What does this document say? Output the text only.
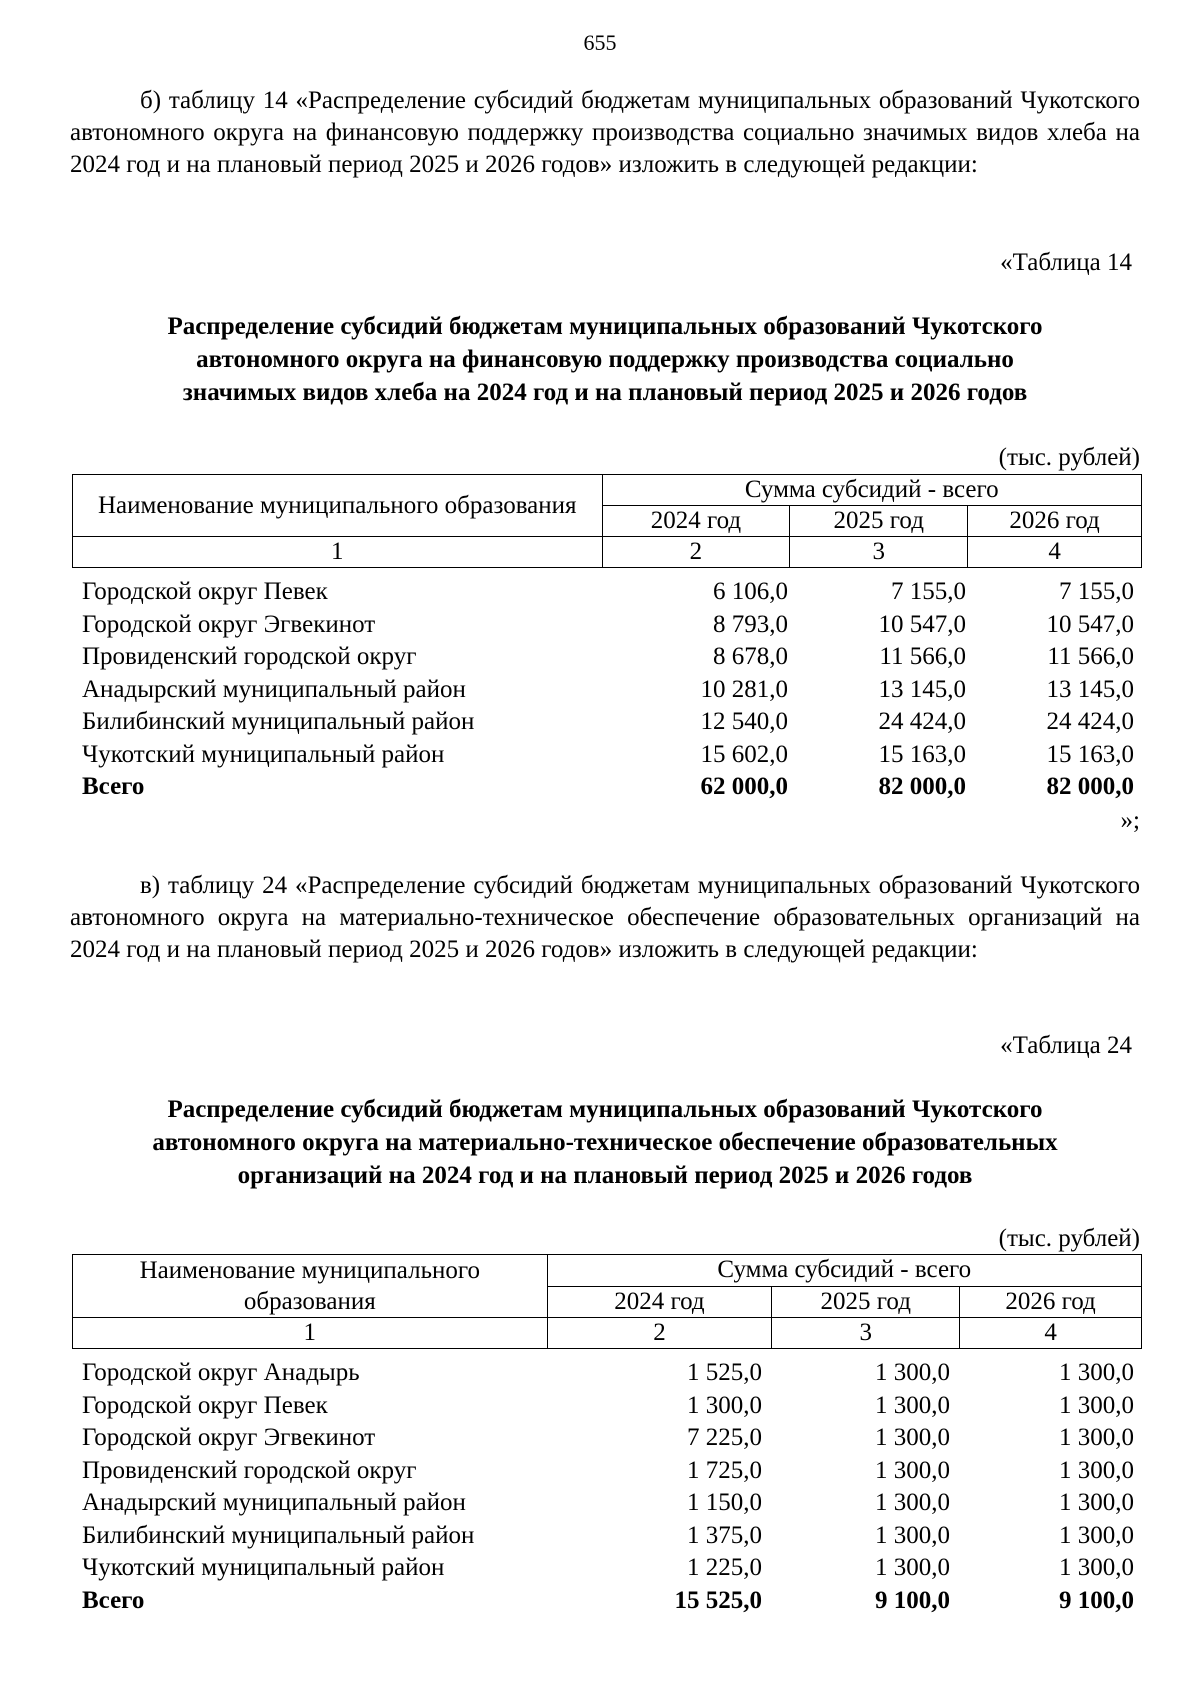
655
б) таблицу 14 «Распределение субсидий бюджетам муниципальных образований Чукотского автономного округа на финансовую поддержку производства социально значимых видов хлеба на 2024 год и на плановый период 2025 и 2026 годов» изложить в следующей редакции:
«Таблица 14
Распределение субсидий бюджетам муниципальных образований Чукотского
автономного округа на финансовую поддержку производства социально
значимых видов хлеба на 2024 год и на плановый период 2025 и 2026 годов
(тыс. рублей)
Наименование муниципального образования	Сумма субсидий - всего		
	2024 год	2025 год	2026 год
1	2	3	4
Городской округ Певек	6 106,0	7 155,0	7 155,0
Городской округ Эгвекинот	8 793,0	10 547,0	10 547,0
Провиденский городской округ	8 678,0	11 566,0	11 566,0
Анадырский муниципальный район	10 281,0	13 145,0	13 145,0
Билибинский муниципальный район	12 540,0	24 424,0	24 424,0
Чукотский муниципальный район	15 602,0	15 163,0	15 163,0
Всего	62 000,0	82 000,0	82 000,0
»;
в) таблицу 24 «Распределение субсидий бюджетам муниципальных образований Чукотского автономного округа на материально-техническое обеспечение образовательных организаций на 2024 год и на плановый период 2025 и 2026 годов» изложить в следующей редакции:
«Таблица 24
Распределение субсидий бюджетам муниципальных образований Чукотского
автономного округа на материально-техническое обеспечение образовательных
организаций на 2024 год и на плановый период 2025 и 2026 годов
(тыс. рублей)
Наименование муниципального образования	Сумма субсидий - всего		
	2024 год	2025 год	2026 год
1	2	3	4
Городской округ Анадырь	1 525,0	1 300,0	1 300,0
Городской округ Певек	1 300,0	1 300,0	1 300,0
Городской округ Эгвекинот	7 225,0	1 300,0	1 300,0
Провиденский городской округ	1 725,0	1 300,0	1 300,0
Анадырский муниципальный район	1 150,0	1 300,0	1 300,0
Билибинский муниципальный район	1 375,0	1 300,0	1 300,0
Чукотский муниципальный район	1 225,0	1 300,0	1 300,0
Всего	15 525,0	9 100,0	9 100,0
